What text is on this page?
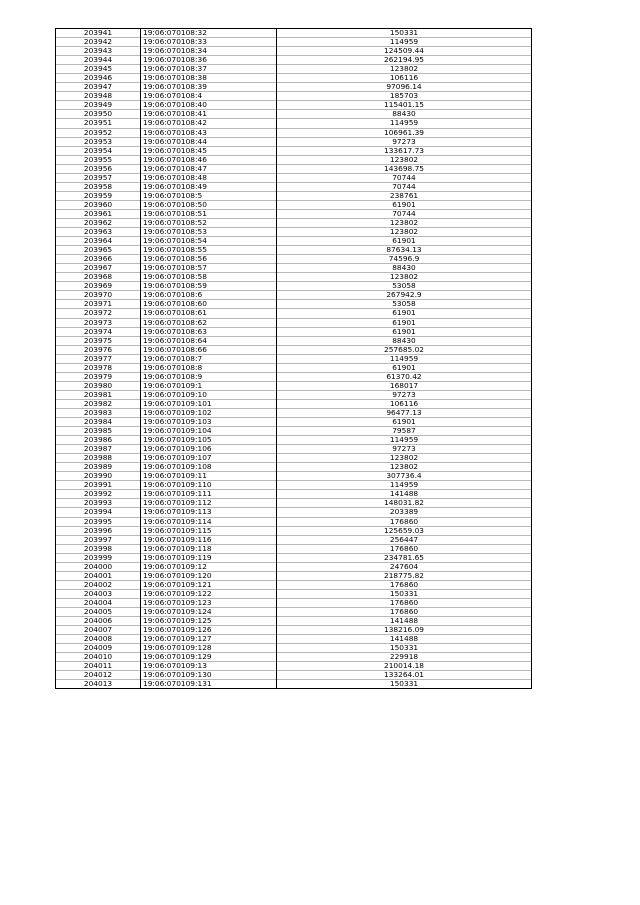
203941	19:06:070108:32	150331
203942	19:06:070108:33	114959
203943	19:06:070108:34	124509.44
203944	19:06:070108:36	262194.95
203945	19:06:070108:37	123802
203946	19:06:070108:38	106116
203947	19:06:070108:39	97096.14
203948	19:06:070108:4	185703
203949	19:06:070108:40	115401.15
203950	19:06:070108:41	88430
203951	19:06:070108:42	114959
203952	19:06:070108:43	106961.39
203953	19:06:070108:44	97273
203954	19:06:070108:45	133617.73
203955	19:06:070108:46	123802
203956	19:06:070108:47	143698.75
203957	19:06:070108:48	70744
203958	19:06:070108:49	70744
203959	19:06:070108:5	238761
203960	19:06:070108:50	61901
203961	19:06:070108:51	70744
203962	19:06:070108:52	123802
203963	19:06:070108:53	123802
203964	19:06:070108:54	61901
203965	19:06:070108:55	87634.13
203966	19:06:070108:56	74596.9
203967	19:06:070108:57	88430
203968	19:06:070108:58	123802
203969	19:06:070108:59	53058
203970	19:06:070108:6	267942.9
203971	19:06:070108:60	53058
203972	19:06:070108:61	61901
203973	19:06:070108:62	61901
203974	19:06:070108:63	61901
203975	19:06:070108:64	88430
203976	19:06:070108:66	257685.02
203977	19:06:070108:7	114959
203978	19:06:070108:8	61901
203979	19:06:070108:9	61370.42
203980	19:06:070109:1	168017
203981	19:06:070109:10	97273
203982	19:06:070109:101	106116
203983	19:06:070109:102	96477.13
203984	19:06:070109:103	61901
203985	19:06:070109:104	79587
203986	19:06:070109:105	114959
203987	19:06:070109:106	97273
203988	19:06:070109:107	123802
203989	19:06:070109:108	123802
203990	19:06:070109:11	307736.4
203991	19:06:070109:110	114959
203992	19:06:070109:111	141488
203993	19:06:070109:112	148031.82
203994	19:06:070109:113	203389
203995	19:06:070109:114	176860
203996	19:06:070109:115	125659.03
203997	19:06:070109:116	256447
203998	19:06:070109:118	176860
203999	19:06:070109:119	234781.65
204000	19:06:070109:12	247604
204001	19:06:070109:120	218775.82
204002	19:06:070109:121	176860
204003	19:06:070109:122	150331
204004	19:06:070109:123	176860
204005	19:06:070109:124	176860
204006	19:06:070109:125	141488
204007	19:06:070109:126	138216.09
204008	19:06:070109:127	141488
204009	19:06:070109:128	150331
204010	19:06:070109:129	229918
204011	19:06:070109:13	210014.18
204012	19:06:070109:130	133264.01
204013	19:06:070109:131	150331
